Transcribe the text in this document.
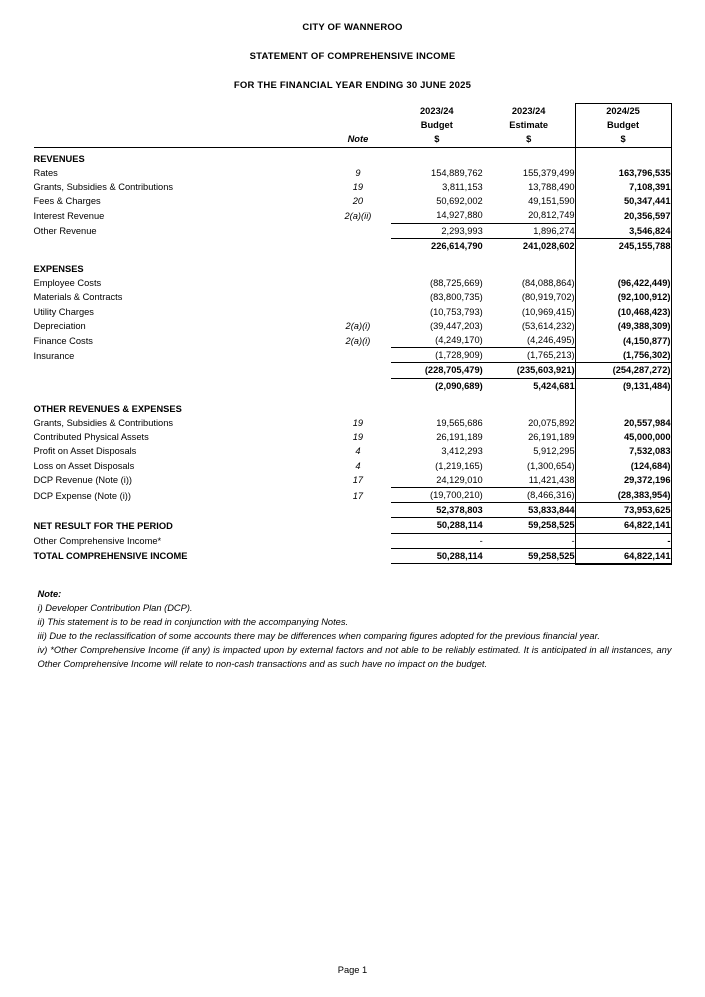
CITY OF WANNEROO
STATEMENT OF COMPREHENSIVE INCOME
FOR THE FINANCIAL YEAR ENDING 30 JUNE 2025
		2023/24	2023/24	2024/25
		Budget	Estimate	Budget
	Note	$	$	$

REVENUES				
Rates	9	154,889,762	155,379,499	163,796,535
Grants, Subsidies & Contributions	19	3,811,153	13,788,490	7,108,391
Fees & Charges	20	50,692,002	49,151,590	50,347,441
Interest Revenue	2(a)(ii)	14,927,880	20,812,749	20,356,597
Other Revenue		2,293,993	1,896,274	3,546,824
		226,614,790	241,028,602	245,155,788

EXPENSES				
Employee Costs		(88,725,669)	(84,088,864)	(96,422,449)
Materials & Contracts		(83,800,735)	(80,919,702)	(92,100,912)
Utility Charges		(10,753,793)	(10,969,415)	(10,468,423)
Depreciation	2(a)(i)	(39,447,203)	(53,614,232)	(49,388,309)
Finance Costs	2(a)(i)	(4,249,170)	(4,246,495)	(4,150,877)
Insurance		(1,728,909)	(1,765,213)	(1,756,302)
		(228,705,479)	(235,603,921)	(254,287,272)
		(2,090,689)	5,424,681	(9,131,484)

OTHER REVENUES & EXPENSES				
Grants, Subsidies & Contributions	19	19,565,686	20,075,892	20,557,984
Contributed Physical Assets	19	26,191,189	26,191,189	45,000,000
Profit on Asset Disposals	4	3,412,293	5,912,295	7,532,083
Loss on Asset Disposals	4	(1,219,165)	(1,300,654)	(124,684)
DCP Revenue (Note (i))	17	24,129,010	11,421,438	29,372,196
DCP Expense (Note (i))	17	(19,700,210)	(8,466,316)	(28,383,954)
		52,378,803	53,833,844	73,953,625
NET RESULT FOR THE PERIOD		50,288,114	59,258,525	64,822,141
Other Comprehensive Income*		-	-	-
TOTAL COMPREHENSIVE INCOME		50,288,114	59,258,525	64,822,141

Note:

i) Developer Contribution Plan (DCP).

ii) This statement is to be read in conjunction with the accompanying Notes.

iii) Due to the reclassification of some accounts there may be differences when comparing figures adopted for the previous financial year.

iv) *Other Comprehensive Income (if any) is impacted upon by external factors and not able to be reliably estimated. It is anticipated in all instances, any Other Comprehensive Income will relate to non-cash transactions and as such have no impact on the budget.

Page 1
